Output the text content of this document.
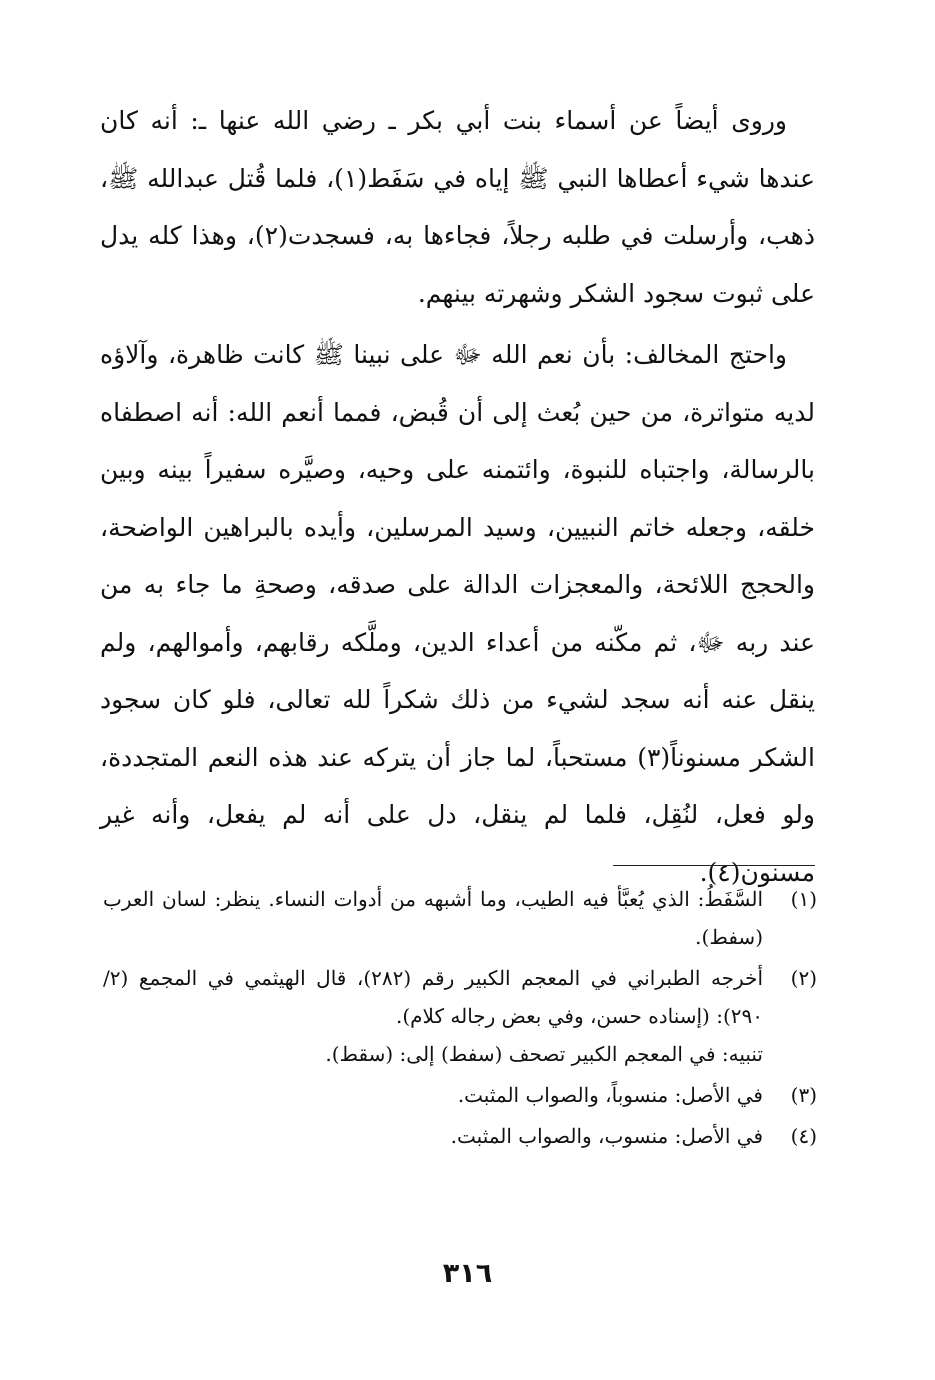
وروى أيضاً عن أسماء بنت أبي بكر ـ رضي الله عنها ـ: أنه كان عندها شيء أعطاها النبي ﷺ إياه في سَفَط(١)، فلما قُتل عبدالله ﷺ، ذهب، وأرسلت في طلبه رجلاً، فجاءها به، فسجدت(٢)، وهذا كله يدل على ثبوت سجود الشكر وشهرته بينهم.

واحتج المخالف: بأن نعم الله ﷻ على نبينا ﷺ كانت ظاهرة، وآلاؤه لديه متواترة، من حين بُعث إلى أن قُبض، فمما أنعم الله: أنه اصطفاه بالرسالة، واجتباه للنبوة، وائتمنه على وحيه، وصيَّره سفيراً بينه وبين خلقه، وجعله خاتم النبيين، وسيد المرسلين، وأيده بالبراهين الواضحة، والحجج اللائحة، والمعجزات الدالة على صدقه، وصحةِ ما جاء به من عند ربه ﷻ، ثم مكّنه من أعداء الدين، وملَّكه رقابهم، وأموالهم، ولم ينقل عنه أنه سجد لشيء من ذلك شكراً لله تعالى، فلو كان سجود الشكر مسنوناً(٣) مستحباً، لما جاز أن يتركه عند هذه النعم المتجددة، ولو فعل، لنُقِل، فلما لم ينقل، دل على أنه لم يفعل، وأنه غير مسنون(٤).

(١)

السَّفَطُ: الذي يُعبَّأ فيه الطيب، وما أشبهه من أدوات النساء. ينظر: لسان العرب (سفط).

(٢)

أخرجه الطبراني في المعجم الكبير رقم (٢٨٢)، قال الهيثمي في المجمع (٢/ ٢٩٠): (إسناده حسن، وفي بعض رجاله كلام).

تنبيه: في المعجم الكبير تصحف (سفط) إلى: (سقط).

(٣)

في الأصل: منسوباً، والصواب المثبت.

(٤)

في الأصل: منسوب، والصواب المثبت.

٣١٦
